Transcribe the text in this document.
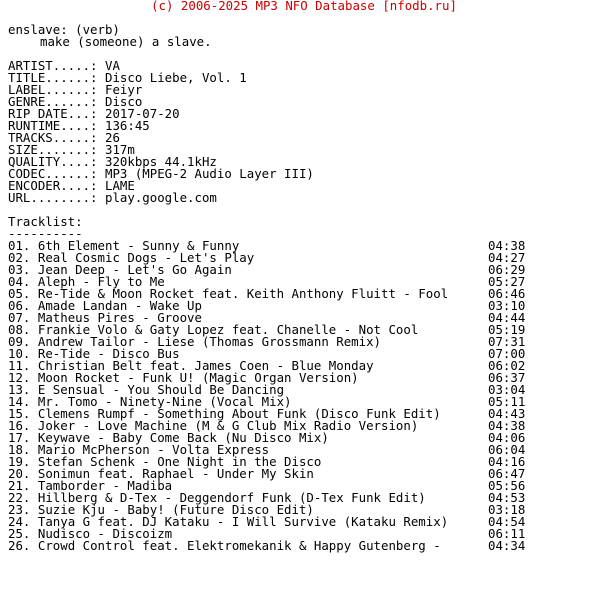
(c) 2006-2025 MP3 NFO Database [nfodb.ru]
enslave: (verb)
make (someone) a slave.
ARTIST.....: VA
TITLE......: Disco Liebe, Vol. 1
LABEL......: Feiyr
GENRE......: Disco
RIP DATE...: 2017-07-20
RUNTIME....: 136:45
TRACKS.....: 26
SIZE.......: 317m
QUALITY....: 320kbps 44.1kHz
CODEC......: MP3 (MPEG-2 Audio Layer III)
ENCODER....: LAME
URL........: play.google.com
Tracklist:
----------
01. 6th Element - Sunny & Funny	04:38
02. Real Cosmic Dogs - Let's Play	04:27
03. Jean Deep - Let's Go Again	06:29
04. Aleph - Fly to Me	05:27
05. Re-Tide & Moon Rocket feat. Keith Anthony Fluitt - Fool	06:46
06. Amade Landan - Wake Up	03:10
07. Matheus Pires - Groove	04:44
08. Frankie Volo & Gaty Lopez feat. Chanelle - Not Cool	05:19
09. Andrew Tailor - Liese (Thomas Grossmann Remix)	07:31
10. Re-Tide - Disco Bus	07:00
11. Christian Belt feat. James Coen - Blue Monday	06:02
12. Moon Rocket - Funk U! (Magic Organ Version)	06:37
13. E Sensual - You Should Be Dancing	03:04
14. Mr. Tomo - Ninety-Nine (Vocal Mix)	05:11
15. Clemens Rumpf - Something About Funk (Disco Funk Edit)	04:43
16. Joker - Love Machine (M & G Club Mix Radio Version)	04:38
17. Keywave - Baby Come Back (Nu Disco Mix)	04:06
18. Mario McPherson - Volta Express	06:04
19. Stefan Schenk - One Night in the Disco	04:16
20. Sonimun feat. Raphael - Under My Skin	06:47
21. Tamborder - Madiba	05:56
22. Hillberg & D-Tex - Deggendorf Funk (D-Tex Funk Edit)	04:53
23. Suzie Kju - Baby! (Future Disco Edit)	03:18
24. Tanya G feat. DJ Kataku - I Will Survive (Kataku Remix)	04:54
25. Nudisco - Discoizm	06:11
26. Crowd Control feat. Elektromekanik & Happy Gutenberg -	04:34
